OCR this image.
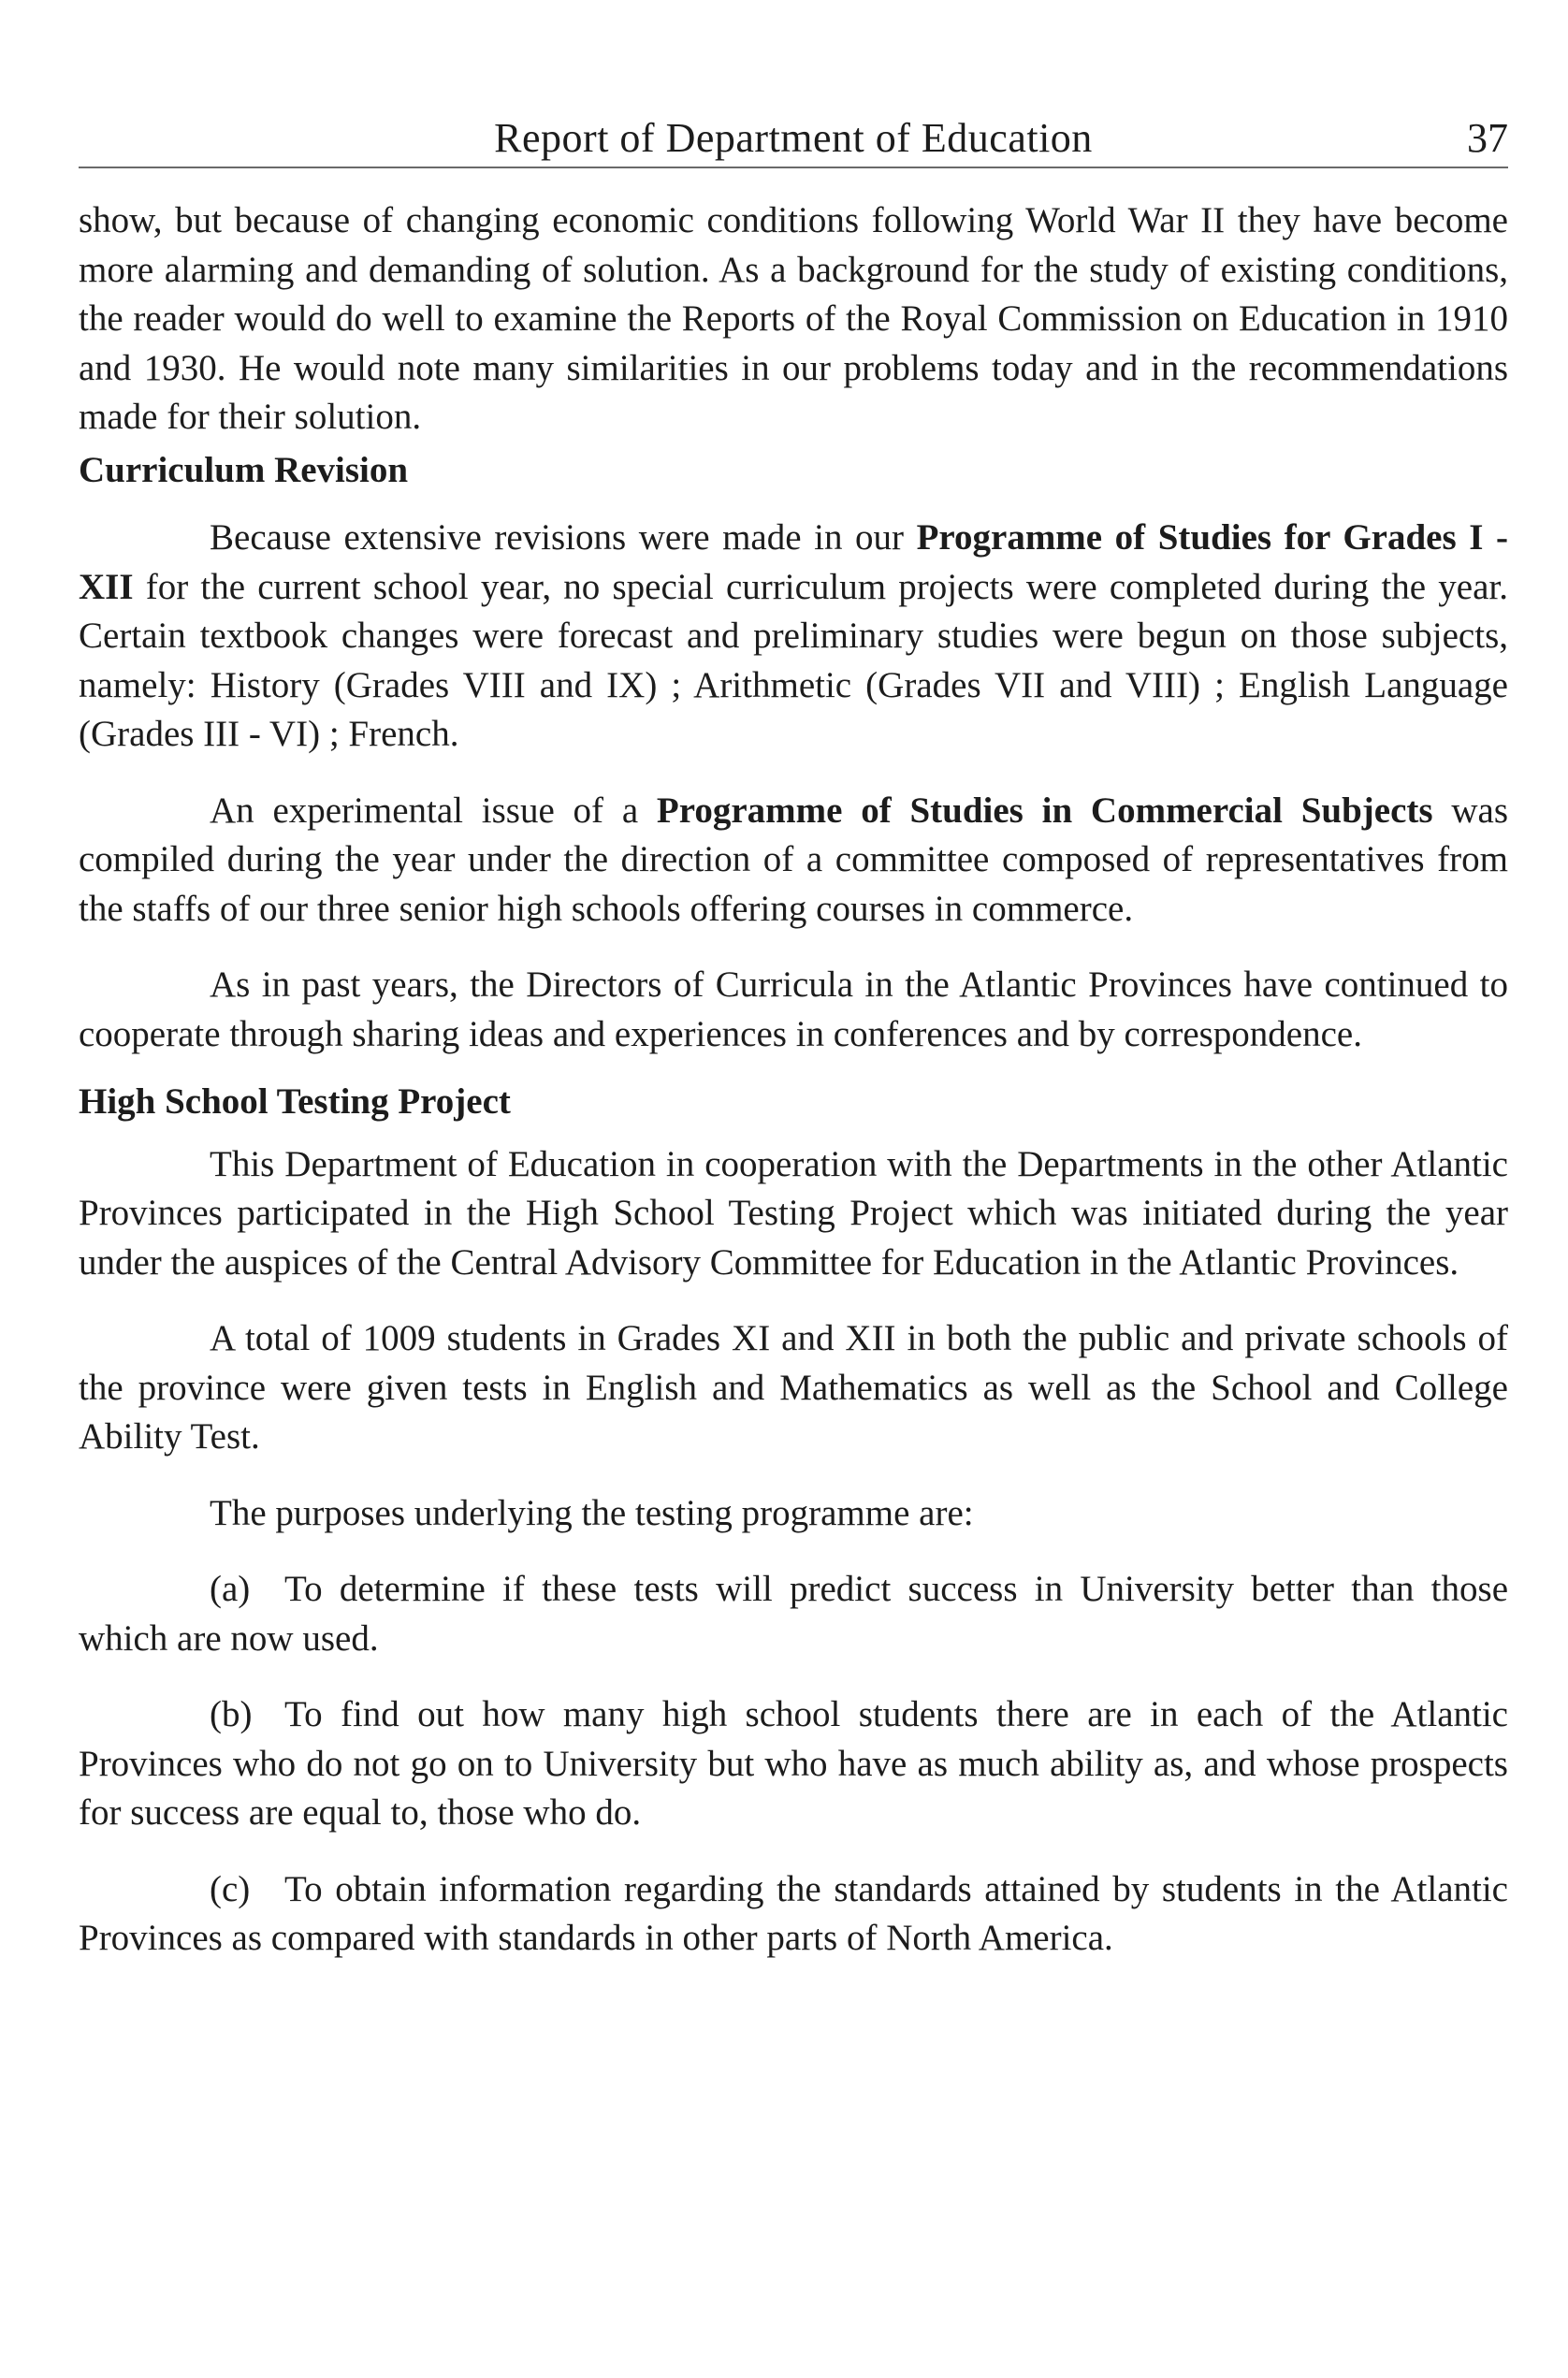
Report of Department of Education	37

show, but because of changing economic conditions following World War II they have become more alarming and demanding of solution. As a background for the study of existing conditions, the reader would do well to examine the Reports of the Royal Commission on Education in 1910 and 1930. He would note many similarities in our problems today and in the recommendations made for their solution.

Curriculum Revision

Because extensive revisions were made in our Programme of Studies for Grades I - XII for the current school year, no special curriculum projects were completed during the year. Certain textbook changes were forecast and preliminary studies were begun on those subjects, namely: History (Grades VIII and IX) ; Arithmetic (Grades VII and VIII) ; English Language (Grades III - VI) ; French.

An experimental issue of a Programme of Studies in Commercial Subjects was compiled during the year under the direction of a committee composed of representatives from the staffs of our three senior high schools offering courses in commerce.

As in past years, the Directors of Curricula in the Atlantic Provinces have continued to cooperate through sharing ideas and experiences in conferences and by correspondence.

High School Testing Project

This Department of Education in cooperation with the Departments in the other Atlantic Provinces participated in the High School Testing Project which was initiated during the year under the auspices of the Central Advisory Committee for Education in the Atlantic Provinces.

A total of 1009 students in Grades XI and XII in both the public and private schools of the province were given tests in English and Mathematics as well as the School and College Ability Test.

The purposes underlying the testing programme are:

(a) To determine if these tests will predict success in University better than those which are now used.

(b) To find out how many high school students there are in each of the Atlantic Provinces who do not go on to University but who have as much ability as, and whose prospects for success are equal to, those who do.

(c) To obtain information regarding the standards attained by students in the Atlantic Provinces as compared with standards in other parts of North America.
